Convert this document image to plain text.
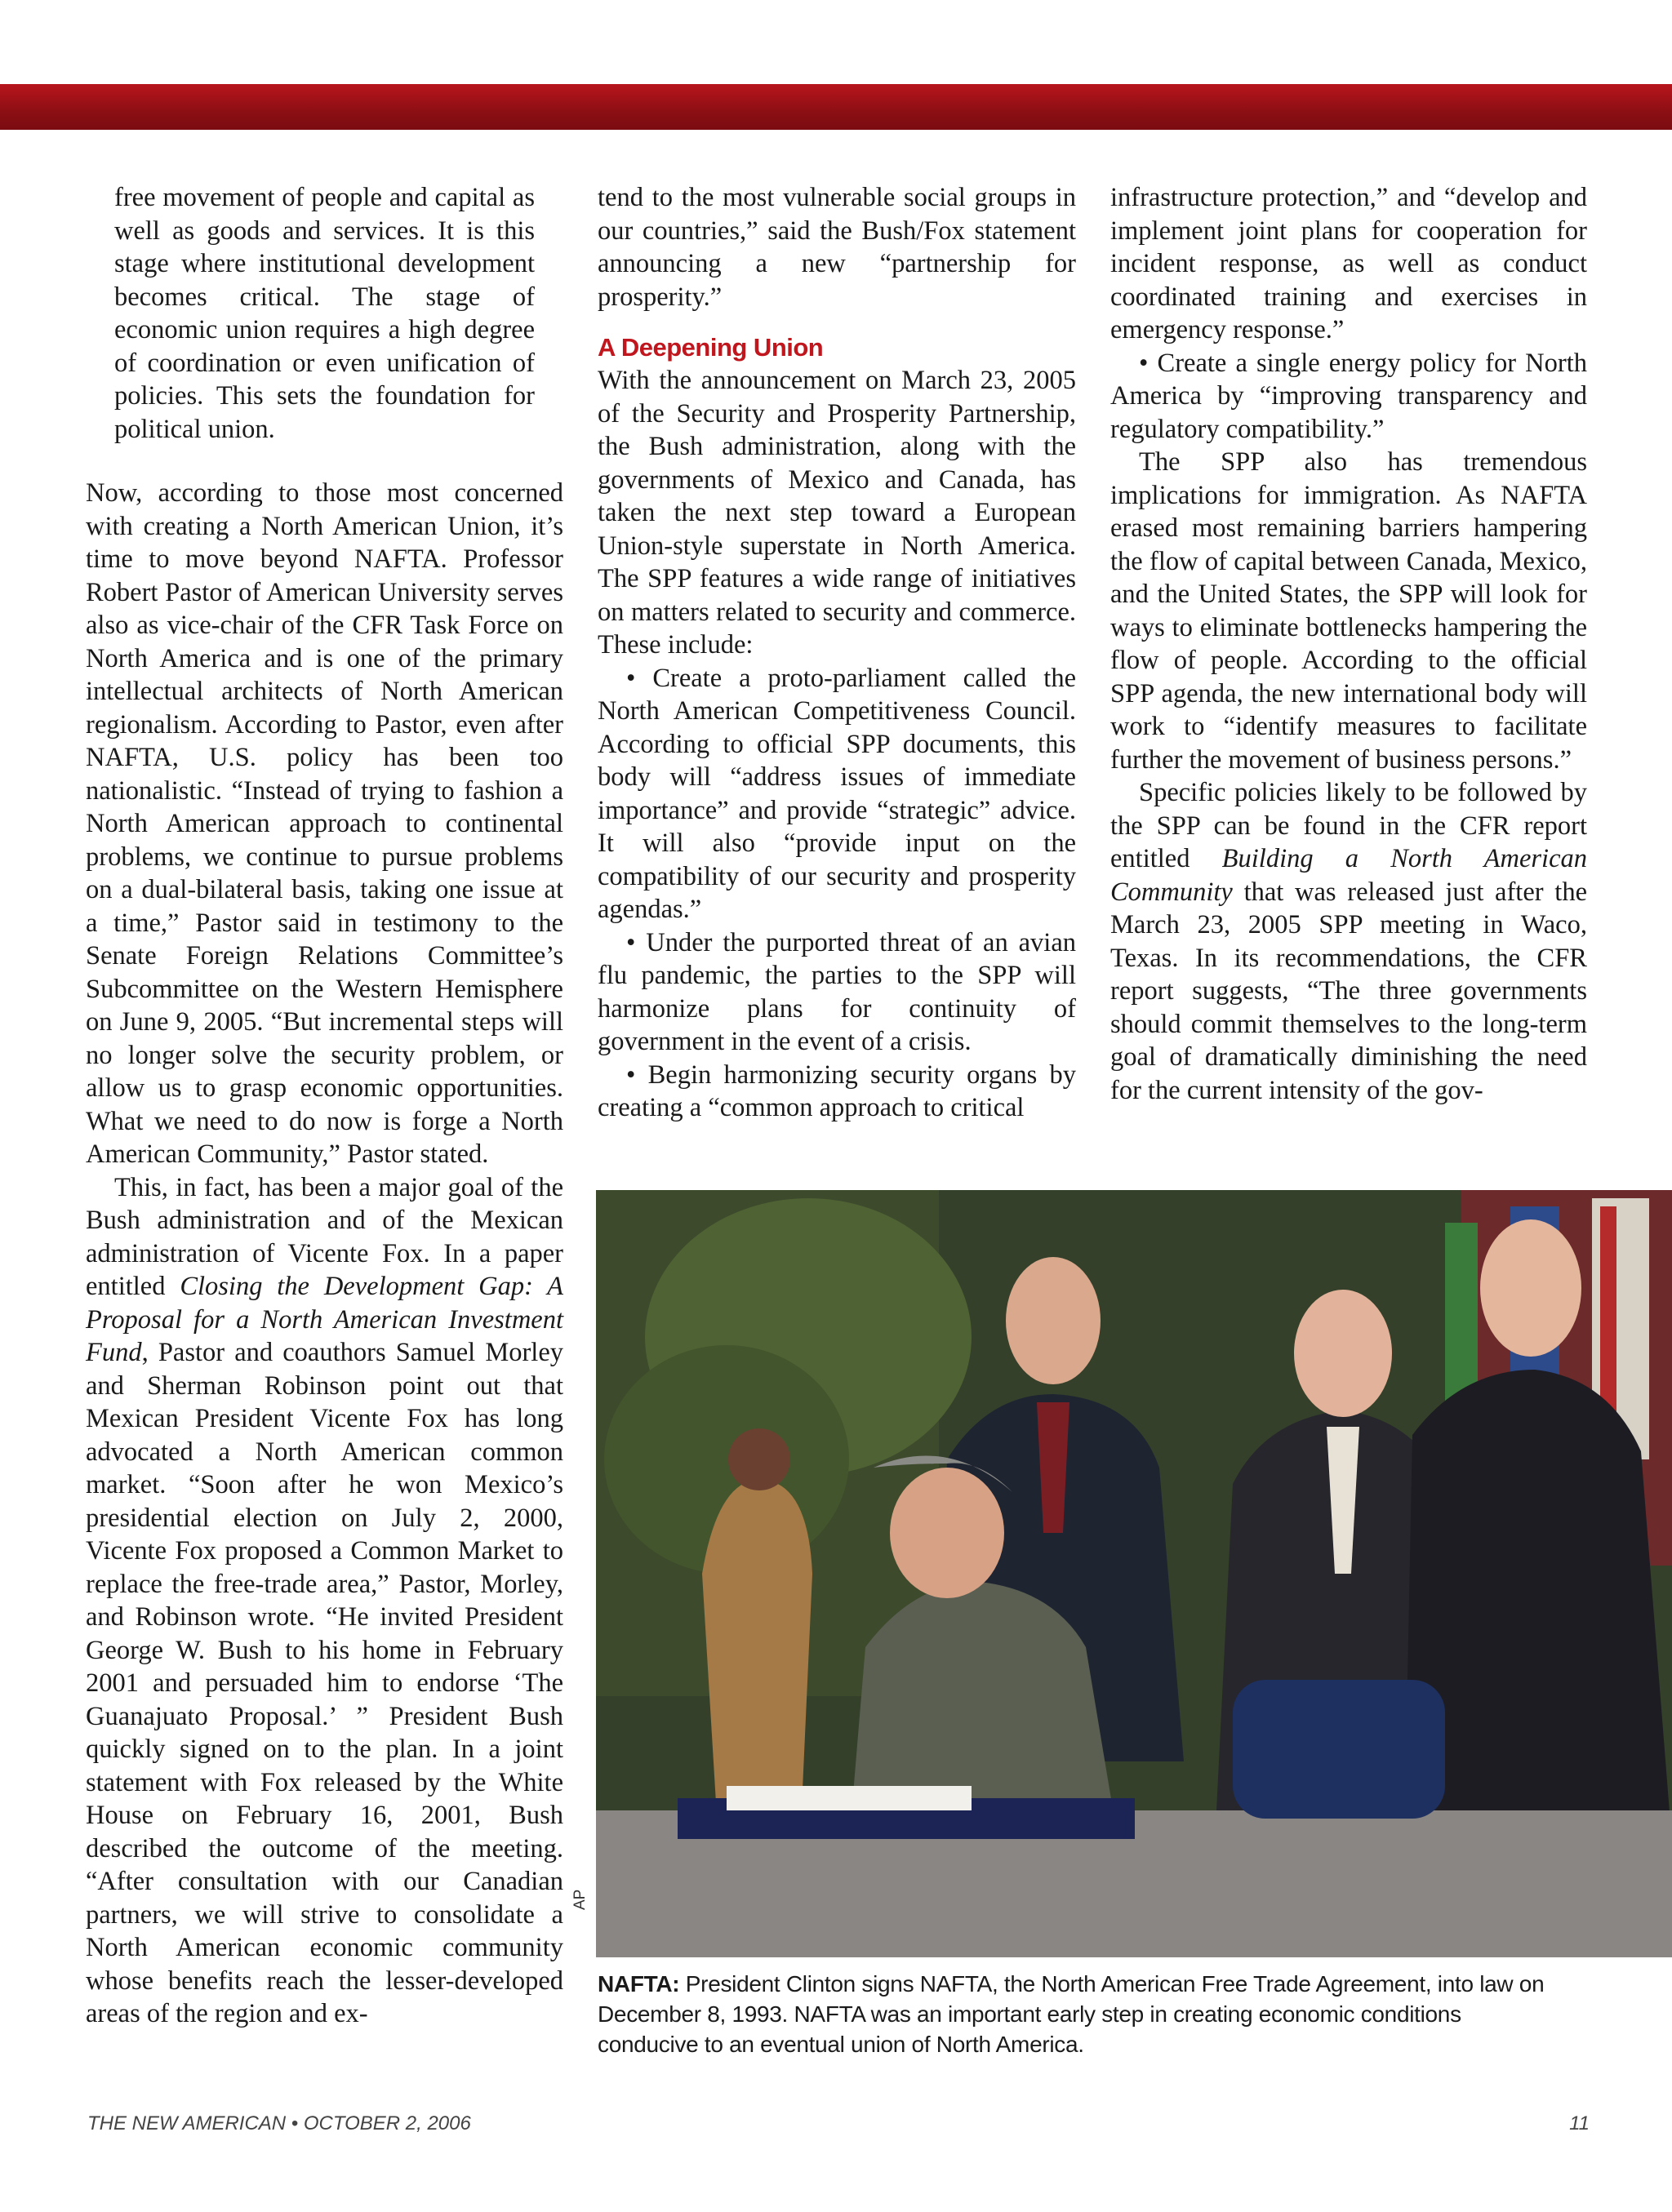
free movement of people and capital as well as goods and services. It is this stage where institutional development becomes critical. The stage of economic union requires a high degree of coordination or even unification of policies. This sets the foundation for political union.

Now, according to those most concerned with creating a North American Union, it’s time to move beyond NAFTA. Professor Robert Pastor of American University serves also as vice-chair of the CFR Task Force on North America and is one of the primary intellectual architects of North American regionalism. According to Pastor, even after NAFTA, U.S. policy has been too nationalistic. “Instead of trying to fashion a North American approach to continental problems, we continue to pursue problems on a dual-bilateral basis, taking one issue at a time,” Pastor said in testimony to the Senate Foreign Relations Committee’s Subcommittee on the Western Hemisphere on June 9, 2005. “But incremental steps will no longer solve the security problem, or allow us to grasp economic opportunities. What we need to do now is forge a North American Community,” Pastor stated.

This, in fact, has been a major goal of the Bush administration and of the Mexican administration of Vicente Fox. In a paper entitled Closing the Development Gap: A Proposal for a North American Investment Fund, Pastor and coauthors Samuel Morley and Sherman Robinson point out that Mexican President Vicente Fox has long advocated a North American common market. “Soon after he won Mexico’s presidential election on July 2, 2000, Vicente Fox proposed a Common Market to replace the free-trade area,” Pastor, Morley, and Robinson wrote. “He invited President George W. Bush to his home in February 2001 and persuaded him to endorse ‘The Guanajuato Proposal.’ ” President Bush quickly signed on to the plan. In a joint statement with Fox released by the White House on February 16, 2001, Bush described the outcome of the meeting. “After consultation with our Canadian partners, we will strive to consolidate a North American economic community whose benefits reach the lesser-developed areas of the region and ex-

tend to the most vulnerable social groups in our countries,” said the Bush/Fox statement announcing a new “partnership for prosperity.”

A Deepening Union

With the announcement on March 23, 2005 of the Security and Prosperity Partnership, the Bush administration, along with the governments of Mexico and Canada, has taken the next step toward a European Union-style superstate in North America. The SPP features a wide range of initiatives on matters related to security and commerce. These include:

• Create a proto-parliament called the North American Competitiveness Council. According to official SPP documents, this body will “address issues of immediate importance” and provide “strategic” advice. It will also “provide input on the compatibility of our security and prosperity agendas.”

• Under the purported threat of an avian flu pandemic, the parties to the SPP will harmonize plans for continuity of government in the event of a crisis.

• Begin harmonizing security organs by creating a “common approach to critical

infrastructure protection,” and “develop and implement joint plans for cooperation for incident response, as well as conduct coordinated training and exercises in emergency response.”

• Create a single energy policy for North America by “improving transparency and regulatory compatibility.”

The SPP also has tremendous implications for immigration. As NAFTA erased most remaining barriers hampering the flow of capital between Canada, Mexico, and the United States, the SPP will look for ways to eliminate bottlenecks hampering the flow of people. According to the official SPP agenda, the new international body will work to “identify measures to facilitate further the movement of business persons.”

Specific policies likely to be followed by the SPP can be found in the CFR report entitled Building a North American Community that was released just after the March 23, 2005 SPP meeting in Waco, Texas. In its recommendations, the CFR report suggests, “The three governments should commit themselves to the long-term goal of dramatically diminishing the need for the current intensity of the gov-

AP
NAFTA: President Clinton signs NAFTA, the North American Free Trade Agreement, into law on December 8, 1993. NAFTA was an important early step in creating economic conditions conducive to an eventual union of North America.
THE NEW AMERICAN • OCTOBER 2, 2006	11
